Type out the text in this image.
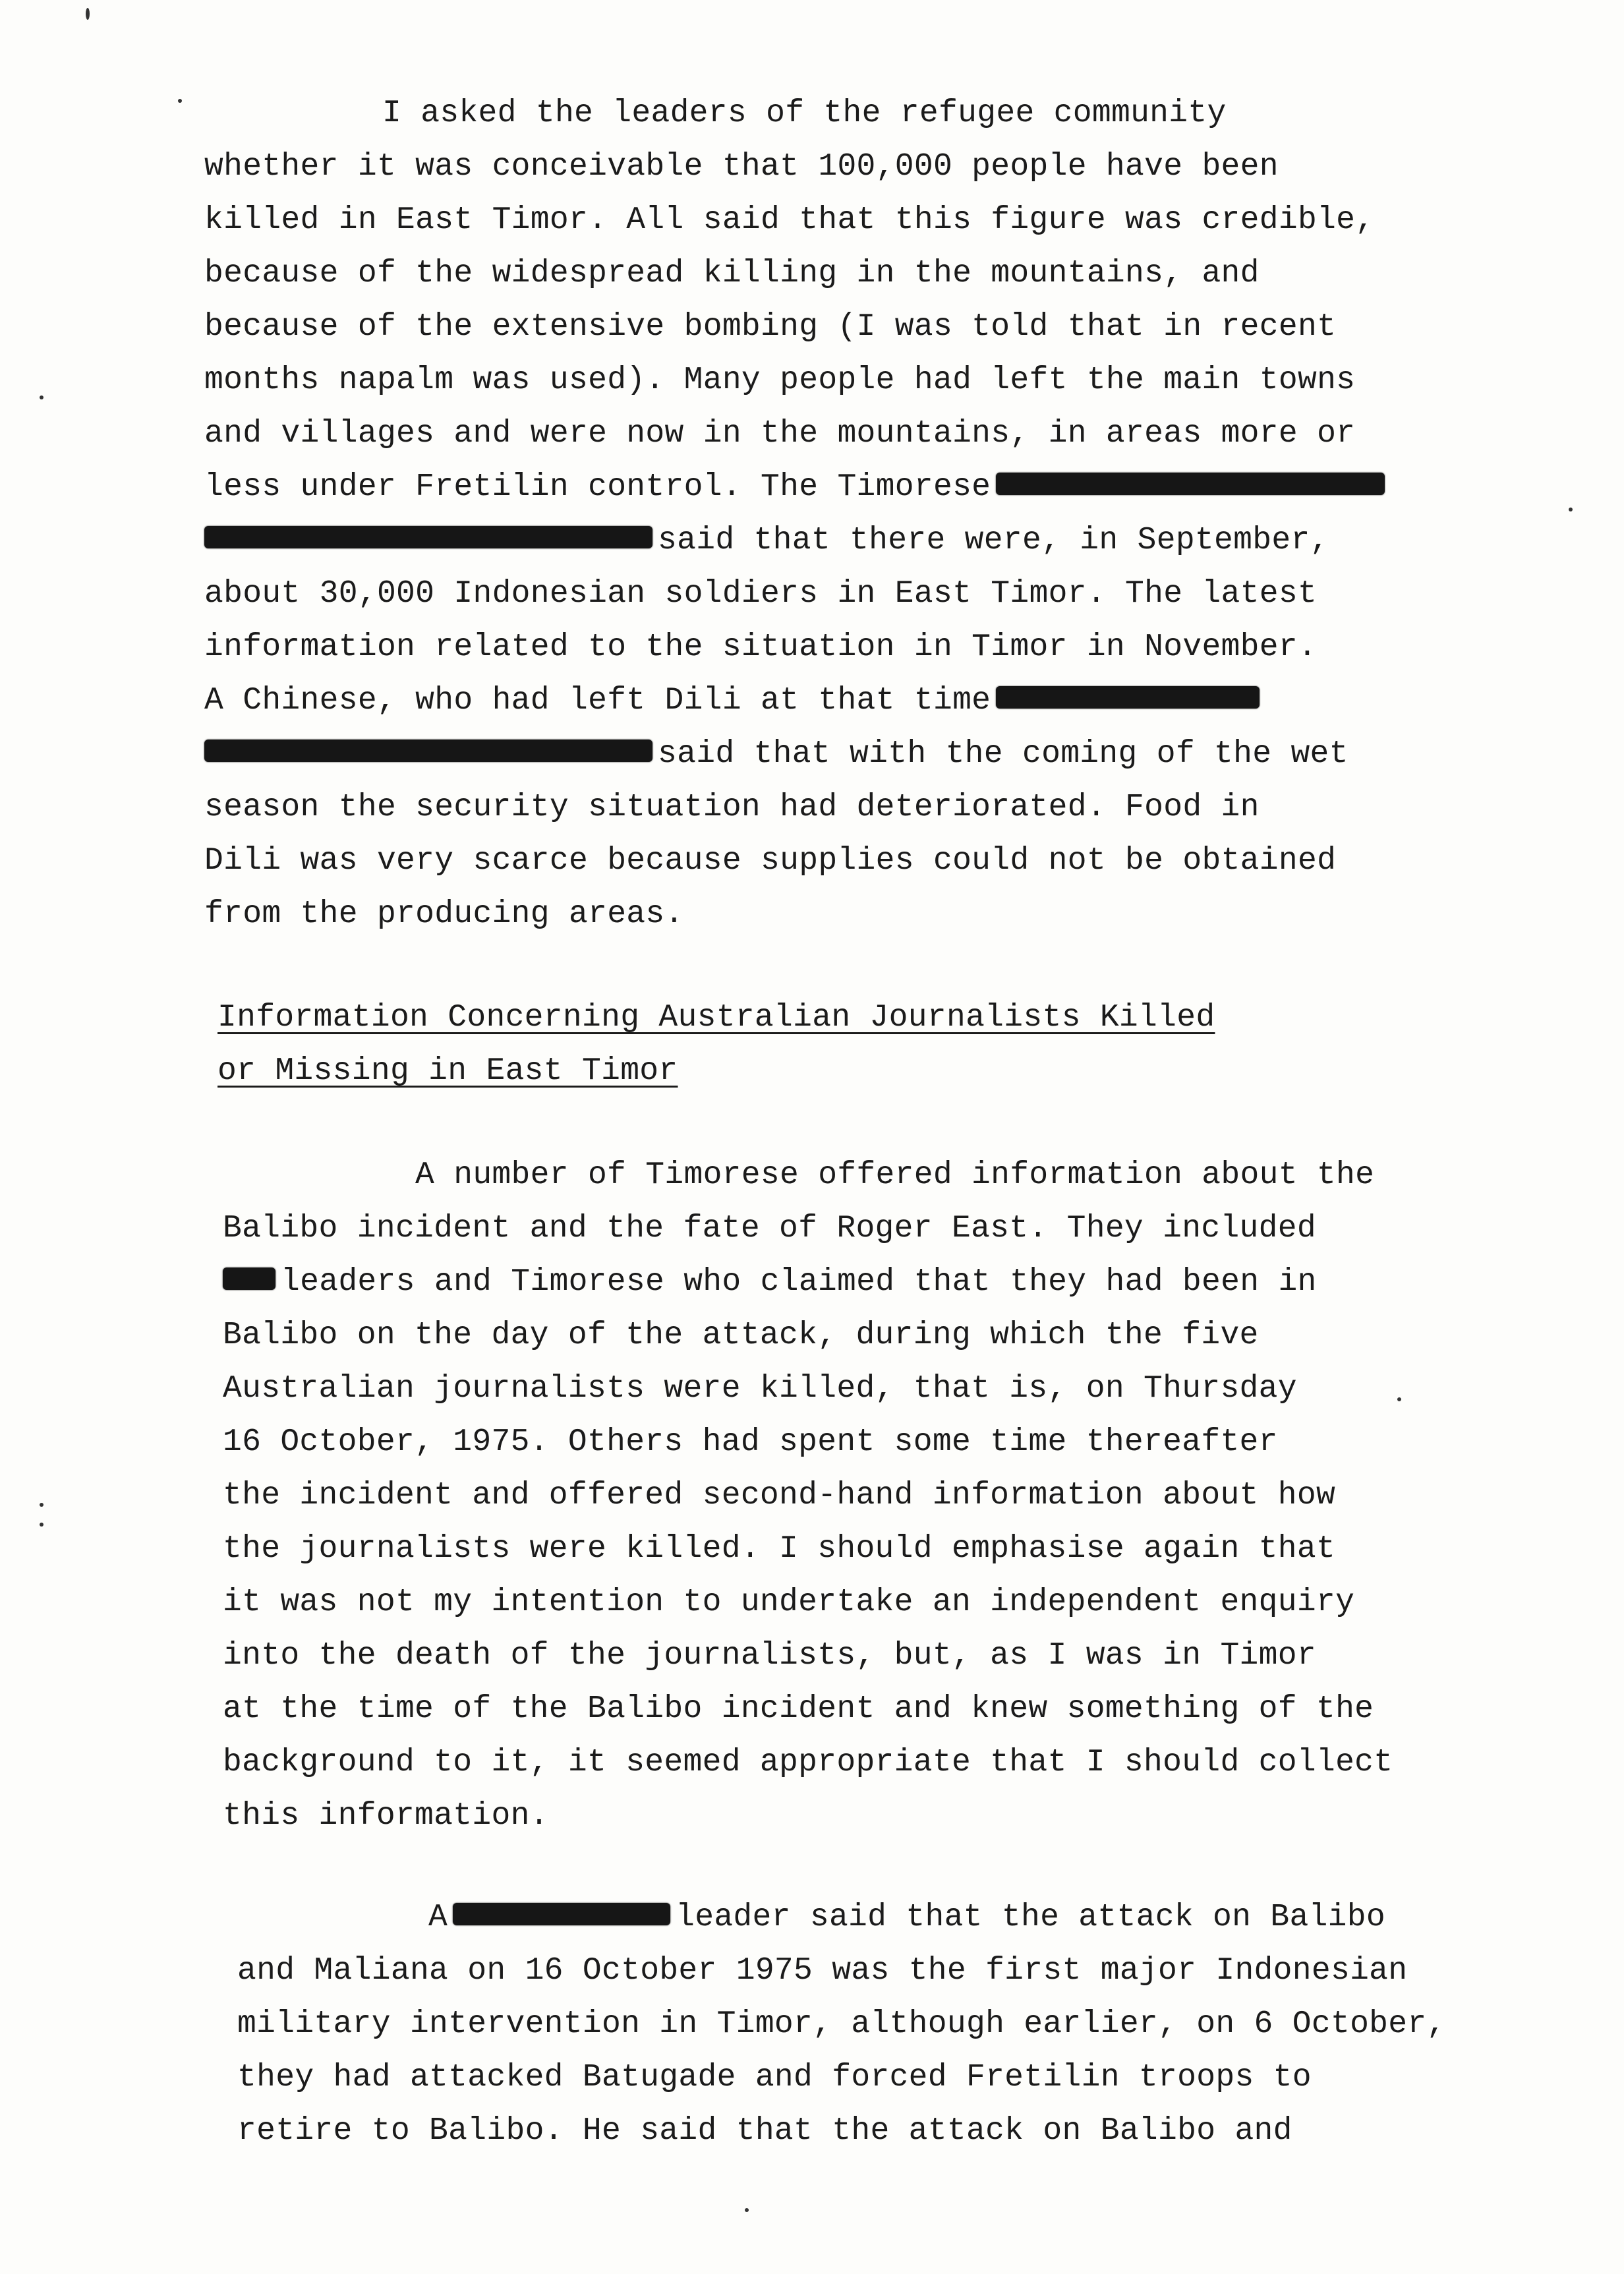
I asked the leaders of the refugee community
whether it was conceivable that 100,000 people have been
killed in East Timor. All said that this figure was credible,
because of the widespread killing in the mountains, and
because of the extensive bombing (I was told that in recent
months napalm was used). Many people had left the main towns
and villages and were now in the mountains, in areas more or
less under Fretilin control. The Timorese
said that there were, in September,
about 30,000 Indonesian soldiers in East Timor. The latest
information related to the situation in Timor in November.
A Chinese, who had left Dili at that time
said that with the coming of the wet
season the security situation had deteriorated. Food in
Dili was very scarce because supplies could not be obtained
from the producing areas.
Information Concerning Australian Journalists Killed
or Missing in East Timor
A number of Timorese offered information about the
Balibo incident and the fate of Roger East. They included
leaders and Timorese who claimed that they had been in
Balibo on the day of the attack, during which the five
Australian journalists were killed, that is, on Thursday
16 October, 1975. Others had spent some time thereafter
the incident and offered second-hand information about how
the journalists were killed. I should emphasise again that
it was not my intention to undertake an independent enquiry
into the death of the journalists, but, as I was in Timor
at the time of the Balibo incident and knew something of the
background to it, it seemed appropriate that I should collect
this information.
A	leader said that the attack on Balibo
and Maliana on 16 October 1975 was the first major Indonesian
military intervention in Timor, although earlier, on 6 October,
they had attacked Batugade and forced Fretilin troops to
retire to Balibo. He said that the attack on Balibo and
